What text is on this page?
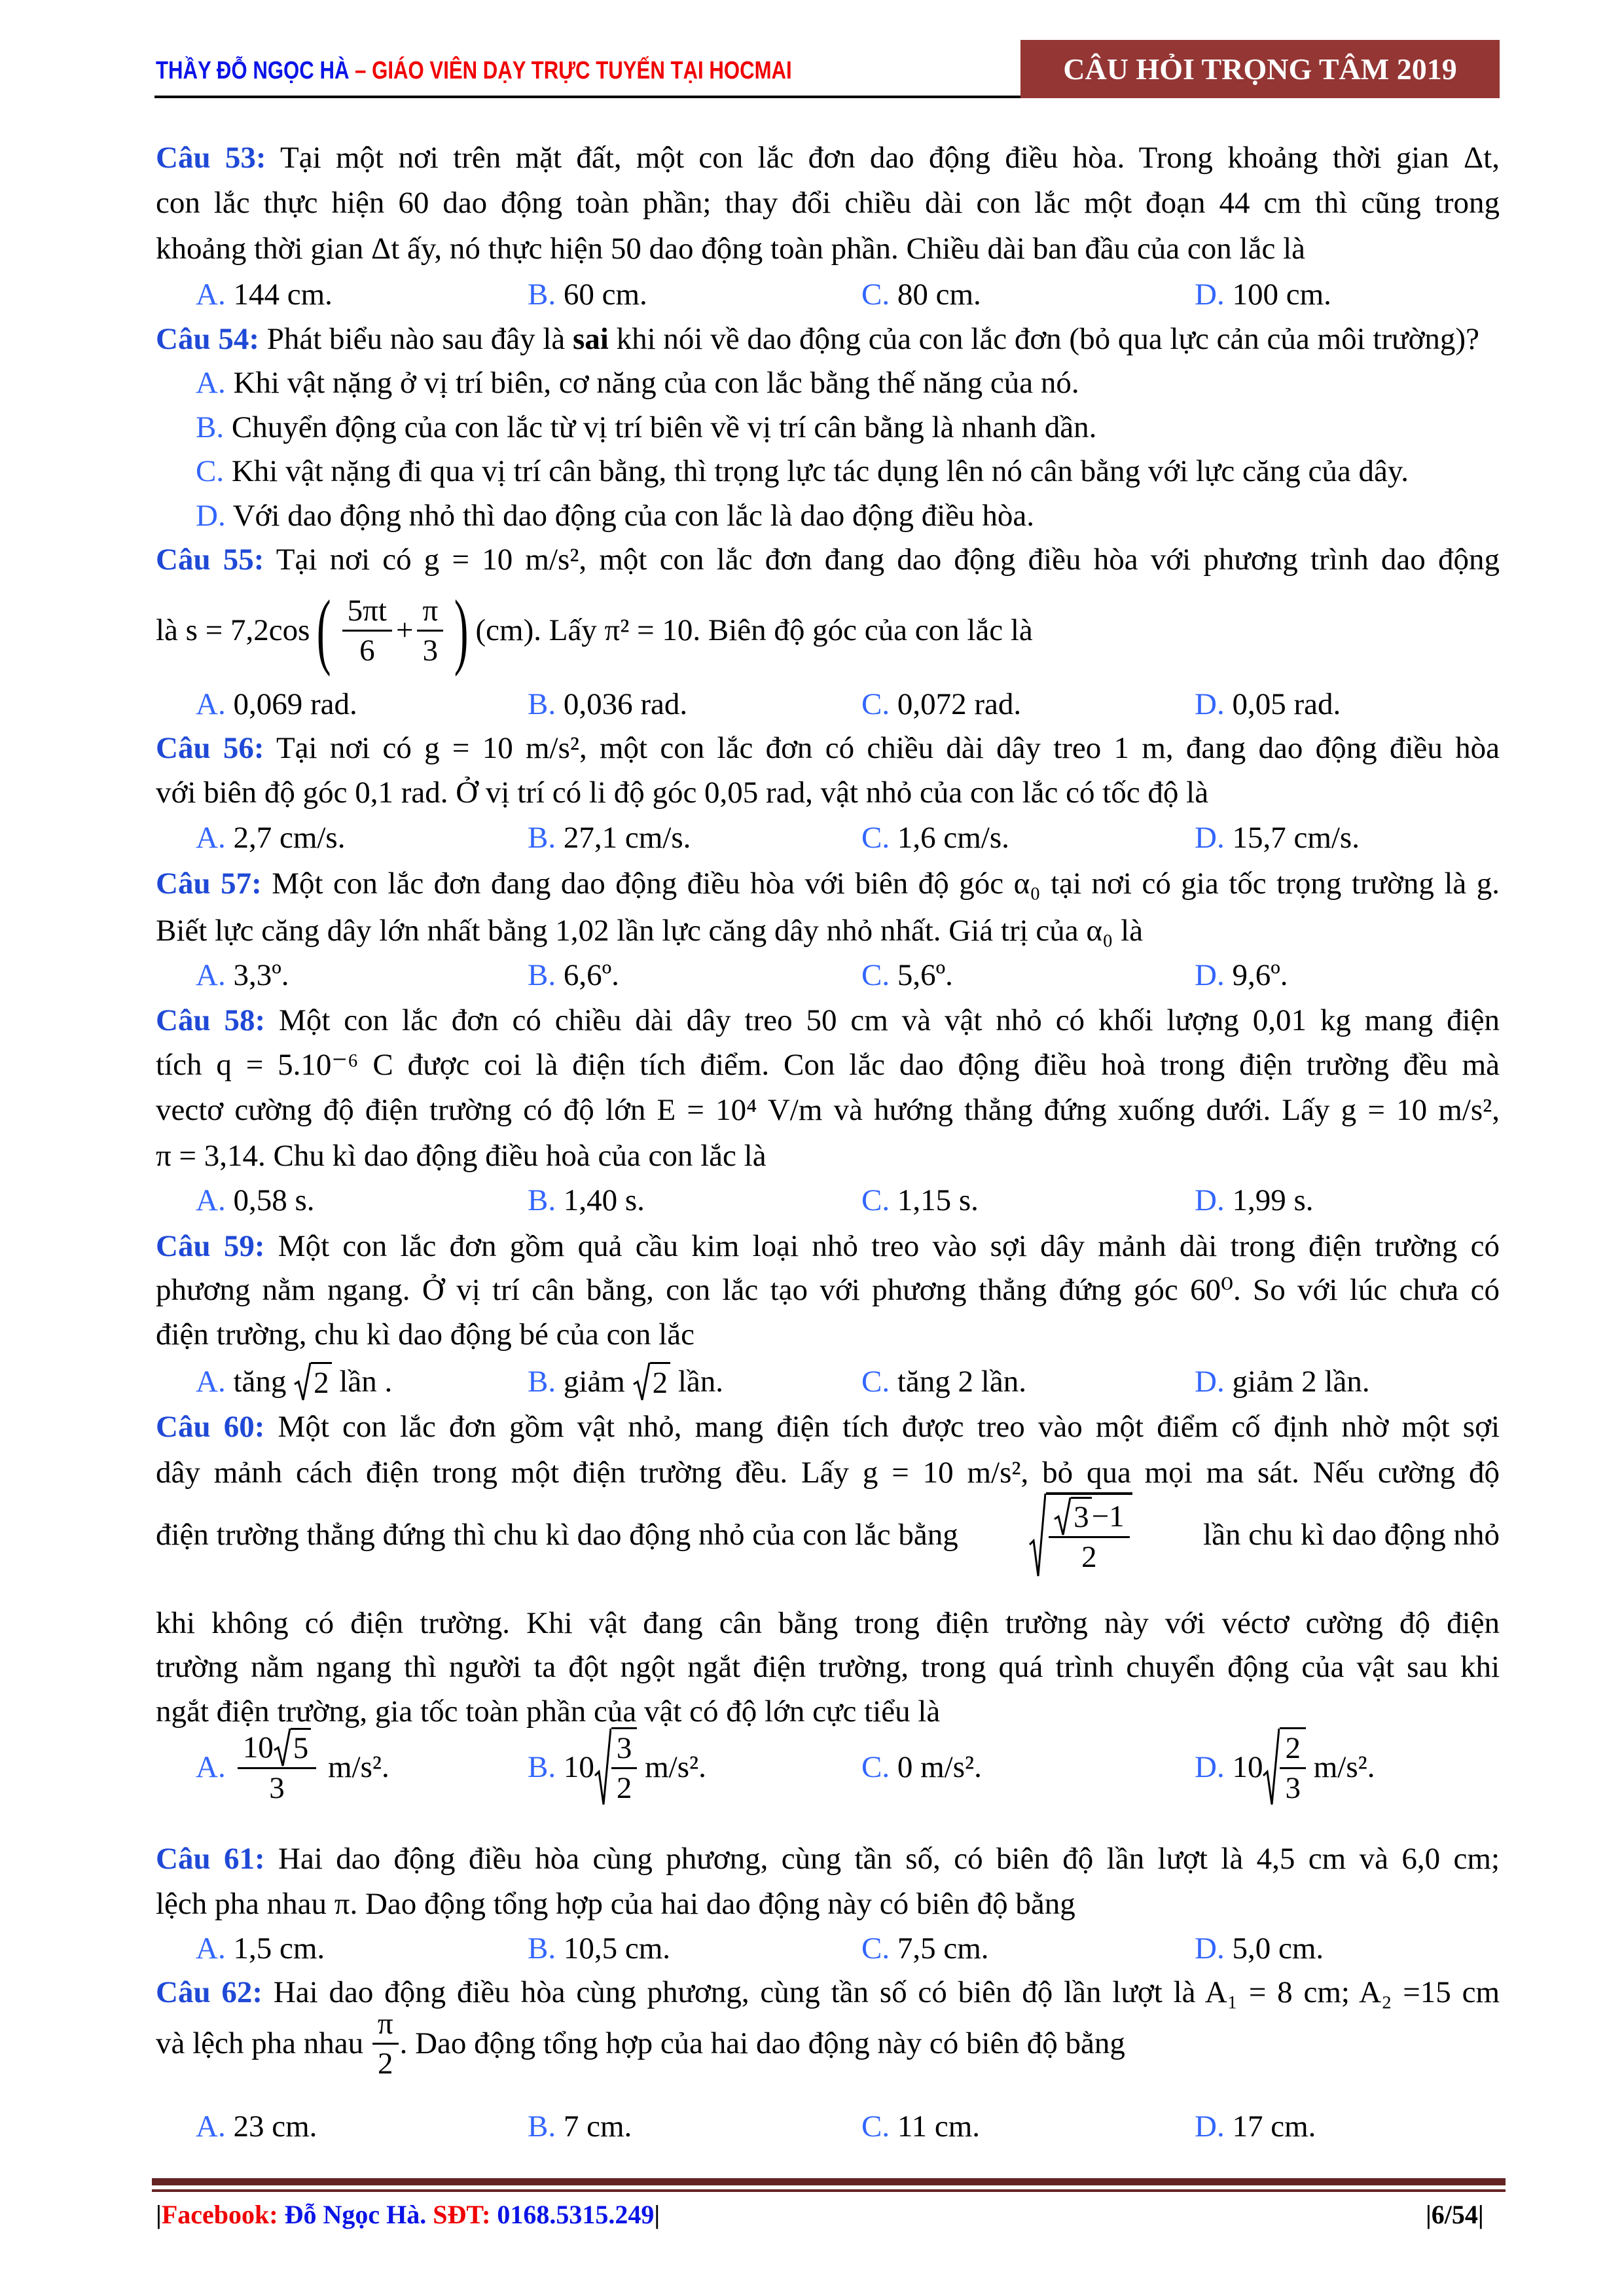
THẦY ĐỖ NGỌC HÀ – GIÁO VIÊN DẠY TRỰC TUYẾN TẠI HOCMAI	CÂU HỎI TRỌNG TÂM 2019
Câu 53: Tại một nơi trên mặt đất, một con lắc đơn dao động điều hòa. Trong khoảng thời gian Δt,
con lắc thực hiện 60 dao động toàn phần; thay đổi chiều dài con lắc một đoạn 44 cm thì cũng trong
khoảng thời gian Δt ấy, nó thực hiện 50 dao động toàn phần. Chiều dài ban đầu của con lắc là
A. 144 cm.	B. 60 cm.	C. 80 cm.	D. 100 cm.
Câu 54: Phát biểu nào sau đây là sai khi nói về dao động của con lắc đơn (bỏ qua lực cản của môi trường)?
A. Khi vật nặng ở vị trí biên, cơ năng của con lắc bằng thế năng của nó.
B. Chuyển động của con lắc từ vị trí biên về vị trí cân bằng là nhanh dần.
C. Khi vật nặng đi qua vị trí cân bằng, thì trọng lực tác dụng lên nó cân bằng với lực căng của dây.
D. Với dao động nhỏ thì dao động của con lắc là dao động điều hòa.
Câu 55: Tại nơi có g = 10 m/s², một con lắc đơn đang dao động điều hòa với phương trình dao động
là s = 7,2cos ( $\frac{5\pi t}{6} + \frac{\pi}{3}$ ) (cm). Lấy π² = 10. Biên độ góc của con lắc là
A. 0,069 rad.	B. 0,036 rad.	C. 0,072 rad.	D. 0,05 rad.
Câu 56: Tại nơi có g = 10 m/s², một con lắc đơn có chiều dài dây treo 1 m, đang dao động điều hòa
với biên độ góc 0,1 rad. Ở vị trí có li độ góc 0,05 rad, vật nhỏ của con lắc có tốc độ là
A. 2,7 cm/s.	B. 27,1 cm/s.	C. 1,6 cm/s.	D. 15,7 cm/s.
Câu 57: Một con lắc đơn đang dao động điều hòa với biên độ góc α₀ tại nơi có gia tốc trọng trường là g.
Biết lực căng dây lớn nhất bằng 1,02 lần lực căng dây nhỏ nhất. Giá trị của α₀ là
A. 3,3º.	B. 6,6º.	C. 5,6º.	D. 9,6º.
Câu 58: Một con lắc đơn có chiều dài dây treo 50 cm và vật nhỏ có khối lượng 0,01 kg mang điện
tích q = 5.10⁻⁶ C được coi là điện tích điểm. Con lắc dao động điều hoà trong điện trường đều mà
vectơ cường độ điện trường có độ lớn E = 10⁴ V/m và hướng thẳng đứng xuống dưới. Lấy g = 10 m/s²,
π = 3,14. Chu kì dao động điều hoà của con lắc là
A. 0,58 s.	B. 1,40 s.	C. 1,15 s.	D. 1,99 s.
Câu 59: Một con lắc đơn gồm quả cầu kim loại nhỏ treo vào sợi dây mảnh dài trong điện trường có
phương nằm ngang. Ở vị trí cân bằng, con lắc tạo với phương thẳng đứng góc 60⁰. So với lúc chưa có
điện trường, chu kì dao động bé của con lắc
A. tăng 2 lần .	B. giảm 2 lần.	C. tăng 2 lần.	D. giảm 2 lần.
Câu 60: Một con lắc đơn gồm vật nhỏ, mang điện tích được treo vào một điểm cố định nhờ một sợi
dây mảnh cách điện trong một điện trường đều. Lấy g = 10 m/s², bỏ qua mọi ma sát. Nếu cường độ
điện trường thẳng đứng thì chu kì dao động nhỏ của con lắc bằng	$\frac{3 -1}{2}$ lần chu kì dao động nhỏ
khi không có điện trường. Khi vật đang cân bằng trong điện trường này với véctơ cường độ điện
trường nằm ngang thì người ta đột ngột ngắt điện trường, trong quá trình chuyển động của vật sau khi
ngắt điện trường, gia tốc toàn phần của vật có độ lớn cực tiểu là
A. $\frac{10 5}{3} m/s^2$.	B. $10 \frac{3}{2} m/s^2$.	C. 0 m/s².	D. $10 \frac{2}{3} m/s^2$.
Câu 61: Hai dao động điều hòa cùng phương, cùng tần số, có biên độ lần lượt là 4,5 cm và 6,0 cm;
lệch pha nhau π. Dao động tổng hợp của hai dao động này có biên độ bằng
A. 1,5 cm.	B. 10,5 cm.	C. 7,5 cm.	D. 5,0 cm.
Câu 62: Hai dao động điều hòa cùng phương, cùng tần số có biên độ lần lượt là A₁ = 8 cm; A₂ =15 cm
và lệch pha nhau $\frac{\pi}{2}$ . Dao động tổng hợp của hai dao động này có biên độ bằng
A. 23 cm.	B. 7 cm.	C. 11 cm.	D. 17 cm.
|Facebook: Đỗ Ngọc Hà. SĐT: 0168.5315.249|	|6/54|
